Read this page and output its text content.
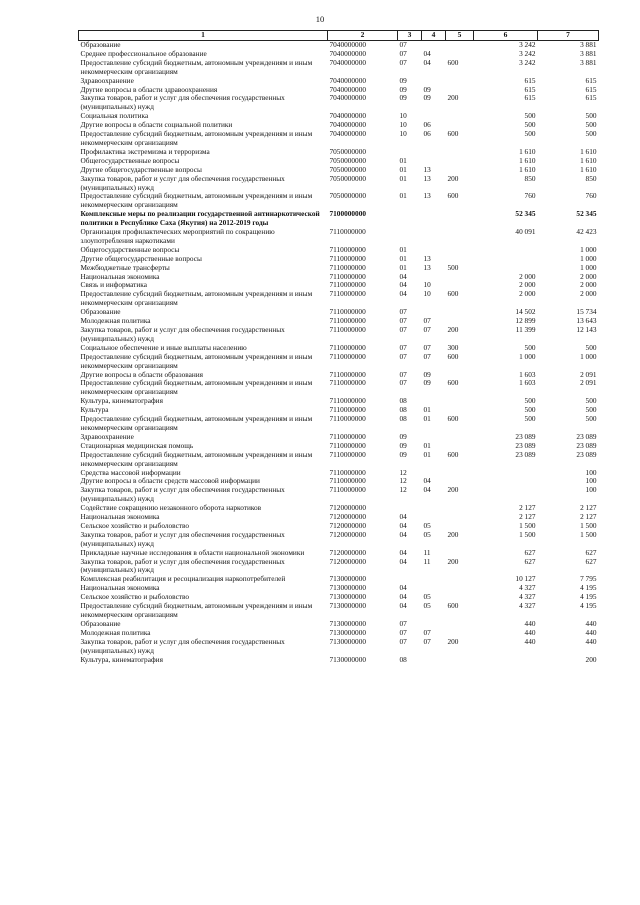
10
1	2	3	4	5	6	7
Образование	7040000000	07			3 242	3 881
Среднее профессиональное образование	7040000000	07	04		3 242	3 881
Предоставление субсидий бюджетным, автономным учреждениям и иным некоммерческим организациям	7040000000	07	04	600	3 242	3 881
Здравоохранение	7040000000	09			615	615
Другие вопросы в области здравоохранения	7040000000	09	09		615	615
Закупка товаров, работ и услуг для обеспечения государственных (муниципальных) нужд	7040000000	09	09	200	615	615
Социальная политика	7040000000	10			500	500
Другие вопросы в области социальной политики	7040000000	10	06		500	500
Предоставление субсидий бюджетным, автономным учреждениям и иным некоммерческим организациям	7040000000	10	06	600	500	500
Профилактика экстремизма и терроризма	7050000000				1 610	1 610
Общегосударственные вопросы	7050000000	01			1 610	1 610
Другие общегосударственные вопросы	7050000000	01	13		1 610	1 610
Закупка товаров, работ и услуг для обеспечения государственных (муниципальных) нужд	7050000000	01	13	200	850	850
Предоставление субсидий бюджетным, автономным учреждениям и иным некоммерческим организациям	7050000000	01	13	600	760	760
Комплексные меры по реализации государственной антинаркотической политики в Республике Саха (Якутия) на 2012-2019 годы	7100000000				52 345	52 345
Организация профилактических мероприятий по сокращению злоупотребления наркотиками	7110000000				40 091	42 423
Общегосударственные вопросы	7110000000	01				1 000
Другие общегосударственные вопросы	7110000000	01	13			1 000
Межбюджетные трансферты	7110000000	01	13	500		1 000
Национальная экономика	7110000000	04			2 000	2 000
Связь и информатика	7110000000	04	10		2 000	2 000
Предоставление субсидий бюджетным, автономным учреждениям и иным некоммерческим организациям	7110000000	04	10	600	2 000	2 000
Образование	7110000000	07			14 502	15 734
Молодежная политика	7110000000	07	07		12 899	13 643
Закупка товаров, работ и услуг для обеспечения государственных (муниципальных) нужд	7110000000	07	07	200	11 399	12 143
Социальное обеспечение и иные выплаты населению	7110000000	07	07	300	500	500
Предоставление субсидий бюджетным, автономным учреждениям и иным некоммерческим организациям	7110000000	07	07	600	1 000	1 000
Другие вопросы в области образования	7110000000	07	09		1 603	2 091
Предоставление субсидий бюджетным, автономным учреждениям и иным некоммерческим организациям	7110000000	07	09	600	1 603	2 091
Культура, кинематография	7110000000	08			500	500
Культура	7110000000	08	01		500	500
Предоставление субсидий бюджетным, автономным учреждениям и иным некоммерческим организациям	7110000000	08	01	600	500	500
Здравоохранение	7110000000	09			23 089	23 089
Стационарная медицинская помощь	7110000000	09	01		23 089	23 089
Предоставление субсидий бюджетным, автономным учреждениям и иным некоммерческим организациям	7110000000	09	01	600	23 089	23 089
Средства массовой информации	7110000000	12				100
Другие вопросы в области средств массовой информации	7110000000	12	04			100
Закупка товаров, работ и услуг для обеспечения государственных (муниципальных) нужд	7110000000	12	04	200		100
Содействие сокращению незаконного оборота наркотиков	7120000000				2 127	2 127
Национальная экономика	7120000000	04			2 127	2 127
Сельское хозяйство и рыболовство	7120000000	04	05		1 500	1 500
Закупка товаров, работ и услуг для обеспечения государственных (муниципальных) нужд	7120000000	04	05	200	1 500	1 500
Прикладные научные исследования в области национальной экономики	7120000000	04	11		627	627
Закупка товаров, работ и услуг для обеспечения государственных (муниципальных) нужд	7120000000	04	11	200	627	627
Комплексная реабилитация и ресоциализация наркопотребителей	7130000000				10 127	7 795
Национальная экономика	7130000000	04			4 327	4 195
Сельское хозяйство и рыболовство	7130000000	04	05		4 327	4 195
Предоставление субсидий бюджетным, автономным учреждениям и иным некоммерческим организациям	7130000000	04	05	600	4 327	4 195
Образование	7130000000	07			440	440
Молодежная политика	7130000000	07	07		440	440
Закупка товаров, работ и услуг для обеспечения государственных (муниципальных) нужд	7130000000	07	07	200	440	440
Культура, кинематография	7130000000	08				200
